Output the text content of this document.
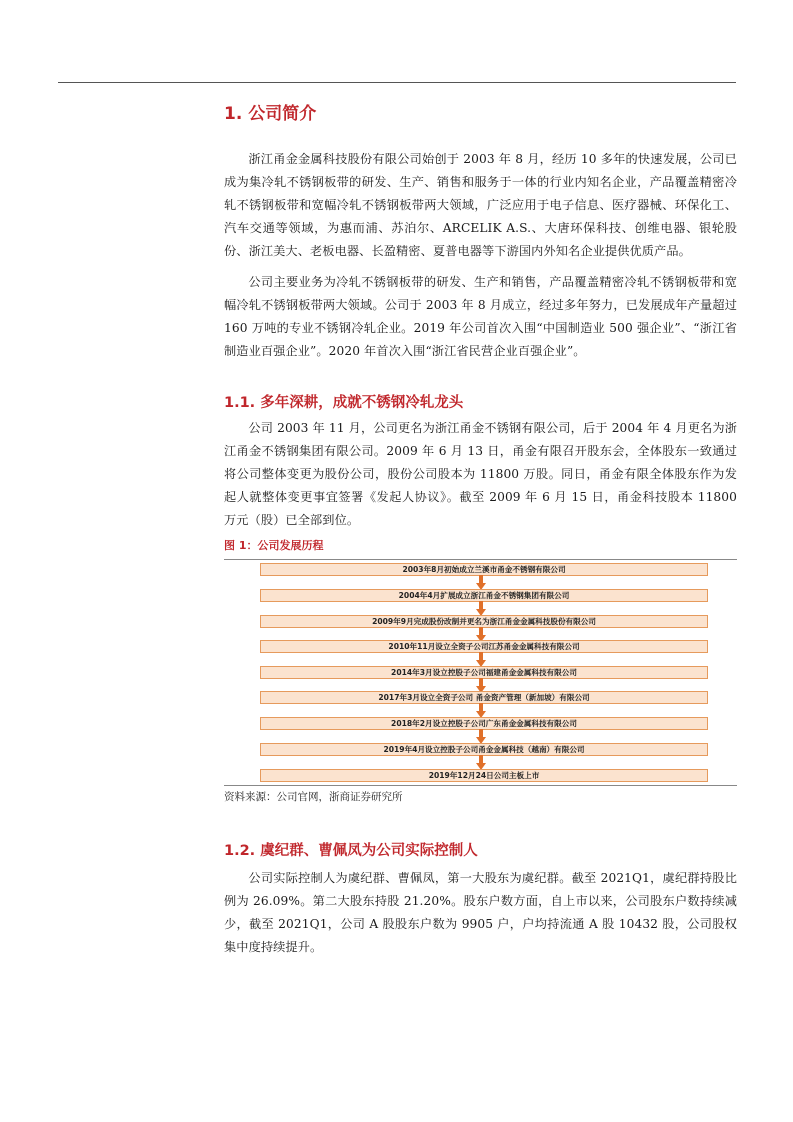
1. 公司简介

浙江甬金金属科技股份有限公司始创于 2003 年 8 月，经历 10 多年的快速发展，公司已成为集冷轧不锈钢板带的研发、生产、销售和服务于一体的行业内知名企业，产品覆盖精密冷轧不锈钢板带和宽幅冷轧不锈钢板带两大领域，广泛应用于电子信息、医疗器械、环保化工、汽车交通等领域，为惠而浦、苏泊尔、ARCELIK A.S.、大唐环保科技、创维电器、银轮股份、浙江美大、老板电器、长盈精密、夏普电器等下游国内外知名企业提供优质产品。

公司主要业务为冷轧不锈钢板带的研发、生产和销售，产品覆盖精密冷轧不锈钢板带和宽幅冷轧不锈钢板带两大领域。公司于 2003 年 8 月成立，经过多年努力，已发展成年产量超过 160 万吨的专业不锈钢冷轧企业。2019 年公司首次入围“中国制造业 500 强企业”、“浙江省制造业百强企业”。2020 年首次入围“浙江省民营企业百强企业”。

1.1. 多年深耕，成就不锈钢冷轧龙头

公司 2003 年 11 月，公司更名为浙江甬金不锈钢有限公司，后于 2004 年 4 月更名为浙江甬金不锈钢集团有限公司。2009 年 6 月 13 日，甬金有限召开股东会，全体股东一致通过将公司整体变更为股份公司，股份公司股本为 11800 万股。同日，甬金有限全体股东作为发起人就整体变更事宜签署《发起人协议》。截至 2009 年 6 月 15 日，甬金科技股本 11800 万元（股）已全部到位。

图 1：公司发展历程
2003年8月初始成立兰溪市甬金不锈钢有限公司
2004年4月扩展成立浙江甬金不锈钢集团有限公司
2009年9月完成股份改制并更名为浙江甬金金属科技股份有限公司
2010年11月设立全资子公司江苏甬金金属科技有限公司
2014年3月设立控股子公司福建甬金金属科技有限公司
2017年3月设立全资子公司 甬金资产管理（新加坡）有限公司
2018年2月设立控股子公司广东甬金金属科技有限公司
2019年4月设立控股子公司甬金金属科技（越南）有限公司
2019年12月24日公司主板上市
资料来源：公司官网，浙商证券研究所
1.2. 虞纪群、曹佩凤为公司实际控制人

公司实际控制人为虞纪群、曹佩凤，第一大股东为虞纪群。截至 2021Q1，虞纪群持股比例为 26.09%。第二大股东持股 21.20%。股东户数方面，自上市以来，公司股东户数持续减少，截至 2021Q1，公司 A 股股东户数为 9905 户，户均持流通 A 股 10432 股，公司股权集中度持续提升。
